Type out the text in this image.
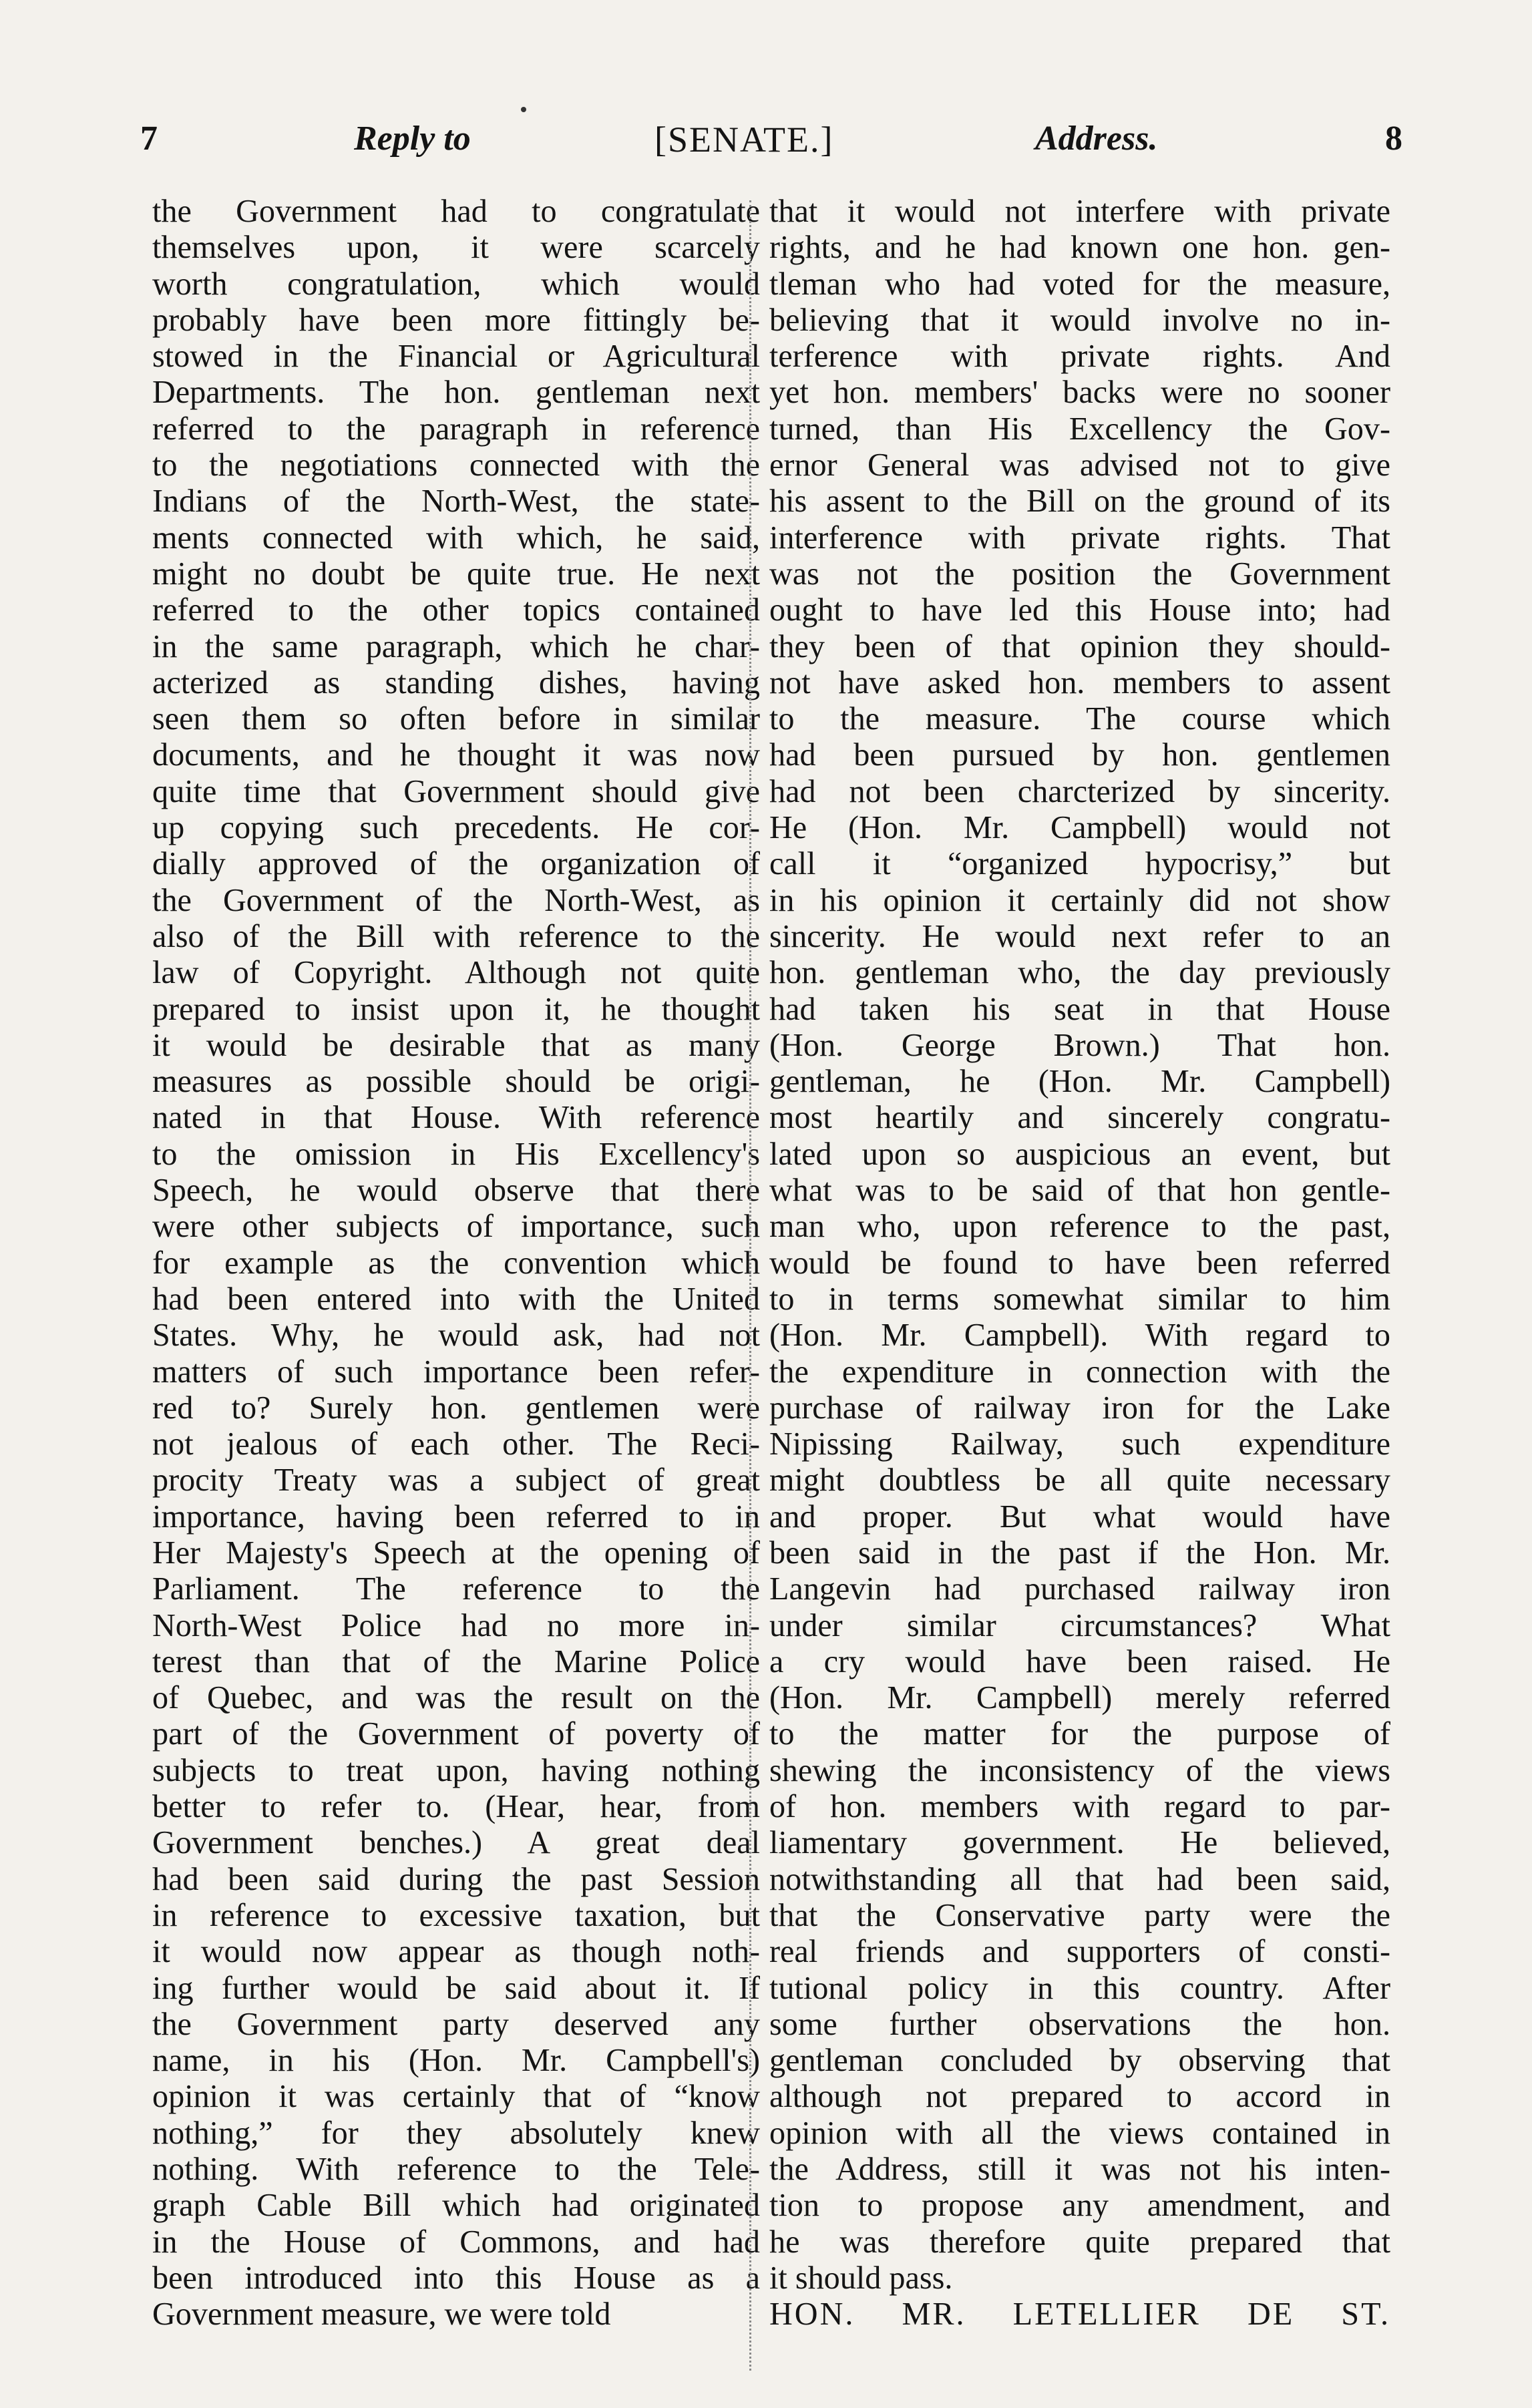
7	Reply to	[SENATE.]	Address.	8
the Government had to congratulate
themselves upon, it were scarcely
worth congratulation, which would
probably have been more fittingly be-
stowed in the Financial or Agricultural
Departments. The hon. gentleman next
referred to the paragraph in reference
to the negotiations connected with the
Indians of the North-West, the state-
ments connected with which, he said,
might no doubt be quite true. He next
referred to the other topics contained
in the same paragraph, which he char-
acterized as standing dishes, having
seen them so often before in similar
documents, and he thought it was now
quite time that Government should give
up copying such precedents. He cor-
dially approved of the organization of
the Government of the North-West, as
also of the Bill with reference to the
law of Copyright. Although not quite
prepared to insist upon it, he thought
it would be desirable that as many
measures as possible should be origi-
nated in that House. With reference
to the omission in His Excellency's
Speech, he would observe that there
were other subjects of importance, such
for example as the convention which
had been entered into with the United
States. Why, he would ask, had not
matters of such importance been refer-
red to? Surely hon. gentlemen were
not jealous of each other. The Reci-
procity Treaty was a subject of great
importance, having been referred to in
Her Majesty's Speech at the opening of
Parliament. The reference to the
North-West Police had no more in-
terest than that of the Marine Police
of Quebec, and was the result on the
part of the Government of poverty of
subjects to treat upon, having nothing
better to refer to. (Hear, hear, from
Government benches.) A great deal
had been said during the past Session
in reference to excessive taxation, but
it would now appear as though noth-
ing further would be said about it. If
the Government party deserved any
name, in his (Hon. Mr. Campbell's)
opinion it was certainly that of “know
nothing,” for they absolutely knew
nothing. With reference to the Tele-
graph Cable Bill which had originated
in the House of Commons, and had
been introduced into this House as a
Government measure, we were told
that it would not interfere with private
rights, and he had known one hon. gen-
tleman who had voted for the measure,
believing that it would involve no in-
terference with private rights. And
yet hon. members' backs were no sooner
turned, than His Excellency the Gov-
ernor General was advised not to give
his assent to the Bill on the ground of its
interference with private rights. That
was not the position the Government
ought to have led this House into; had
they been of that opinion they should-
not have asked hon. members to assent
to the measure. The course which
had been pursued by hon. gentlemen
had not been charcterized by sincerity.
He (Hon. Mr. Campbell) would not
call it “organized hypocrisy,” but
in his opinion it certainly did not show
sincerity. He would next refer to an
hon. gentleman who, the day previously
had taken his seat in that House
(Hon. George Brown.) That hon.
gentleman, he (Hon. Mr. Campbell)
most heartily and sincerely congratu-
lated upon so auspicious an event, but
what was to be said of that hon gentle-
man who, upon reference to the past,
would be found to have been referred
to in terms somewhat similar to him
(Hon. Mr. Campbell). With regard to
the expenditure in connection with the
purchase of railway iron for the Lake
Nipissing Railway, such expenditure
might doubtless be all quite necessary
and proper. But what would have
been said in the past if the Hon. Mr.
Langevin had purchased railway iron
under similar circumstances? What
a cry would have been raised. He
(Hon. Mr. Campbell) merely referred
to the matter for the purpose of
shewing the inconsistency of the views
of hon. members with regard to par-
liamentary government. He believed,
notwithstanding all that had been said,
that the Conservative party were the
real friends and supporters of consti-
tutional policy in this country. After
some further observations the hon.
gentleman concluded by observing that
although not prepared to accord in
opinion with all the views contained in
the Address, still it was not his inten-
tion to propose any amendment, and
he was therefore quite prepared that
it should pass.
HON. MR. LETELLIER DE ST.
